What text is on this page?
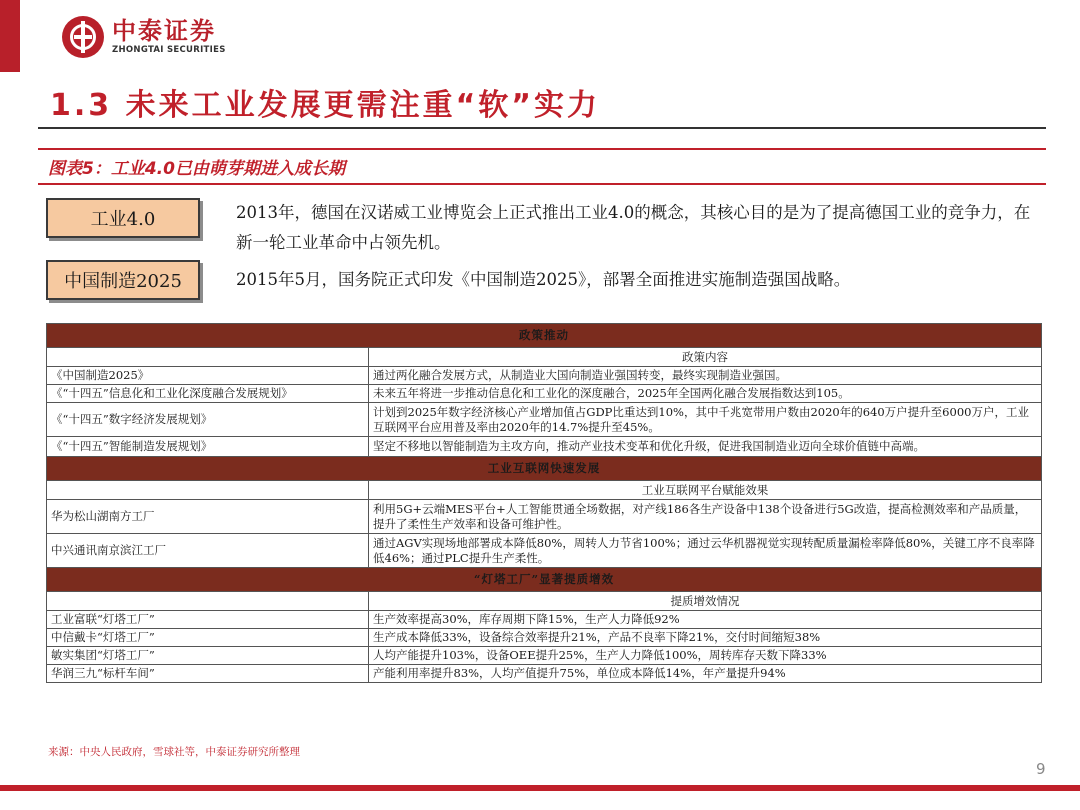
中泰证券
ZHONGTAI SECURITIES
1.3 未来工业发展更需注重“软”实力
图表5：工业4.0已由萌芽期进入成长期
工业4.0	2013年，德国在汉诺威工业博览会上正式推出工业4.0的概念，其核心目的是为了提高德国工业的竞争力，在新一轮工业革命中占领先机。
中国制造2025	2015年5月，国务院正式印发《中国制造2025》，部署全面推进实施制造强国战略。
政策推动	
	政策内容
《中国制造2025》	通过两化融合发展方式，从制造业大国向制造业强国转变，最终实现制造业强国。
《“十四五”信息化和工业化深度融合发展规划》	未来五年将进一步推动信息化和工业化的深度融合，2025年全国两化融合发展指数达到105。
《“十四五”数字经济发展规划》	计划到2025年数字经济核心产业增加值占GDP比重达到10%，其中千兆宽带用户数由2020年的640万户提升至6000万户，工业互联网平台应用普及率由2020年的14.7%提升至45%。
《“十四五”智能制造发展规划》	坚定不移地以智能制造为主攻方向，推动产业技术变革和优化升级，促进我国制造业迈向全球价值链中高端。
工业互联网快速发展	
	工业互联网平台赋能效果
华为松山湖南方工厂	利用5G+云端MES平台+人工智能贯通全场数据，对产线186各生产设备中138个设备进行5G改造，提高检测效率和产品质量，提升了柔性生产效率和设备可维护性。
中兴通讯南京滨江工厂	通过AGV实现场地部署成本降低80%，周转人力节省100%；通过云华机器视觉实现转配质量漏检率降低80%，关键工序不良率降低46%；通过PLC提升生产柔性。
“灯塔工厂”显著提质增效	
	提质增效情况
工业富联“灯塔工厂”	生产效率提高30%，库存周期下降15%，生产人力降低92%
中信戴卡“灯塔工厂”	生产成本降低33%，设备综合效率提升21%，产品不良率下降21%，交付时间缩短38%
敏实集团“灯塔工厂”	人均产能提升103%，设备OEE提升25%，生产人力降低100%，周转库存天数下降33%
华润三九“标杆车间”	产能利用率提升83%，人均产值提升75%，单位成本降低14%，年产量提升94%
来源：中央人民政府，雪球社等，中泰证券研究所整理
9
